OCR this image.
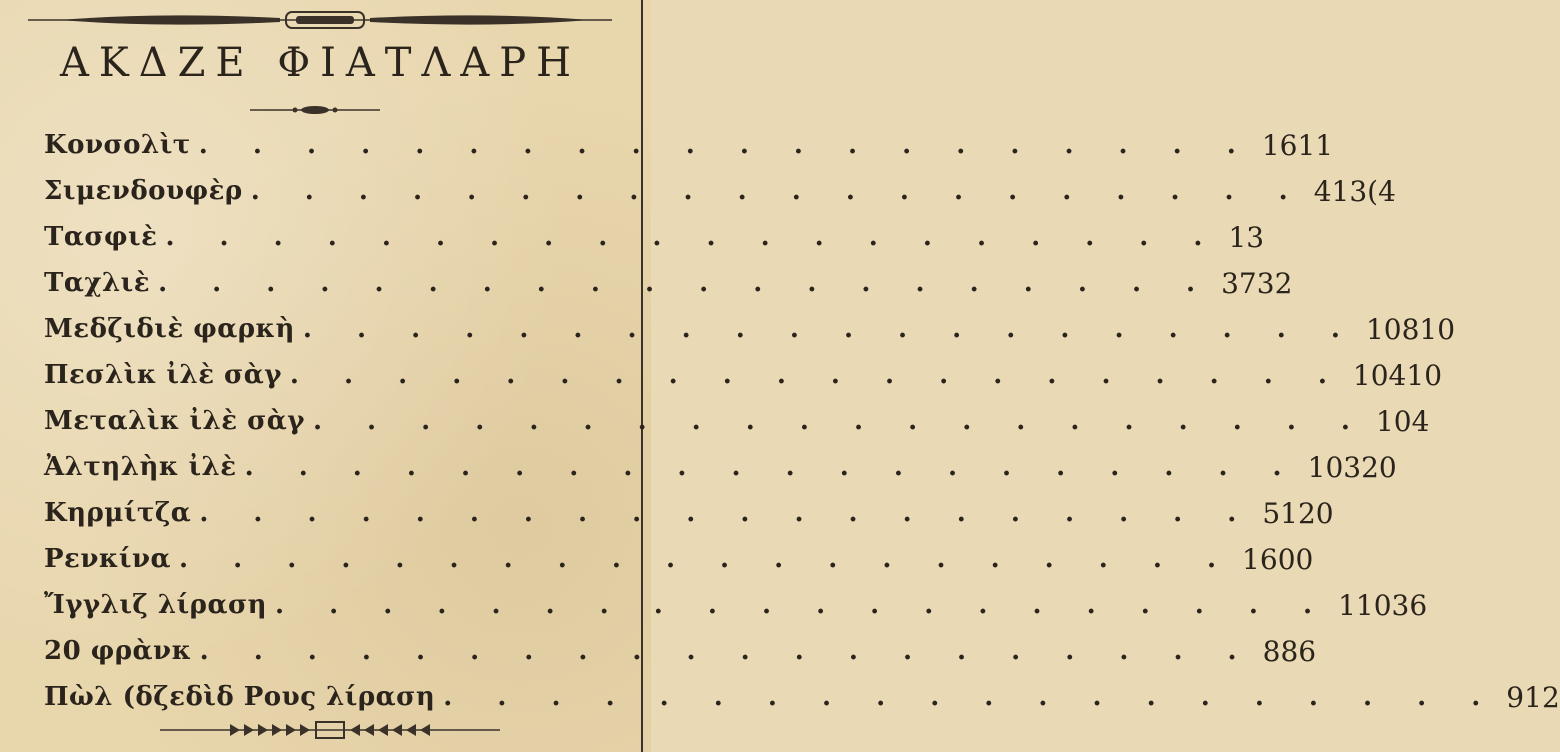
ΑΚΔΖΕ ΦΙΑΤΛΑΡΗ
Κονσολὶτ . . . . . . . . . . . . . . . . . . . . 16 11
Σιμενδουφὲρ . . . . . . . . . . . . . . . . . . . . 41 3(4
Τασφιὲ . . . . . . . . . . . . . . . . . . . . 13
Ταχλιὲ . . . . . . . . . . . . . . . . . . . . 37 32
Μεδζιδιὲ φαρκὴ . . . . . . . . . . . . . . . . . . . . 108 10
Πεσλὶκ ἰλὲ σὰγ . . . . . . . . . . . . . . . . . . . . 104 10
Μεταλὶκ ἰλὲ σὰγ . . . . . . . . . . . . . . . . . . . . 104
Ἀλτηλὴκ ἰλὲ . . . . . . . . . . . . . . . . . . . . 103 20
Κηρμίτζα . . . . . . . . . . . . . . . . . . . . 51 20
Ρενκίνα . . . . . . . . . . . . . . . . . . . . 16 00
Ἴγγλιζ λίραση . . . . . . . . . . . . . . . . . . . . 110 36
20 φρὰνκ . . . . . . . . . . . . . . . . . . . . 88 6
Πὼλ (δζεδὶδ Ρους λίραση . . . . . . . . . . . . . . . . . . . . 91 2
